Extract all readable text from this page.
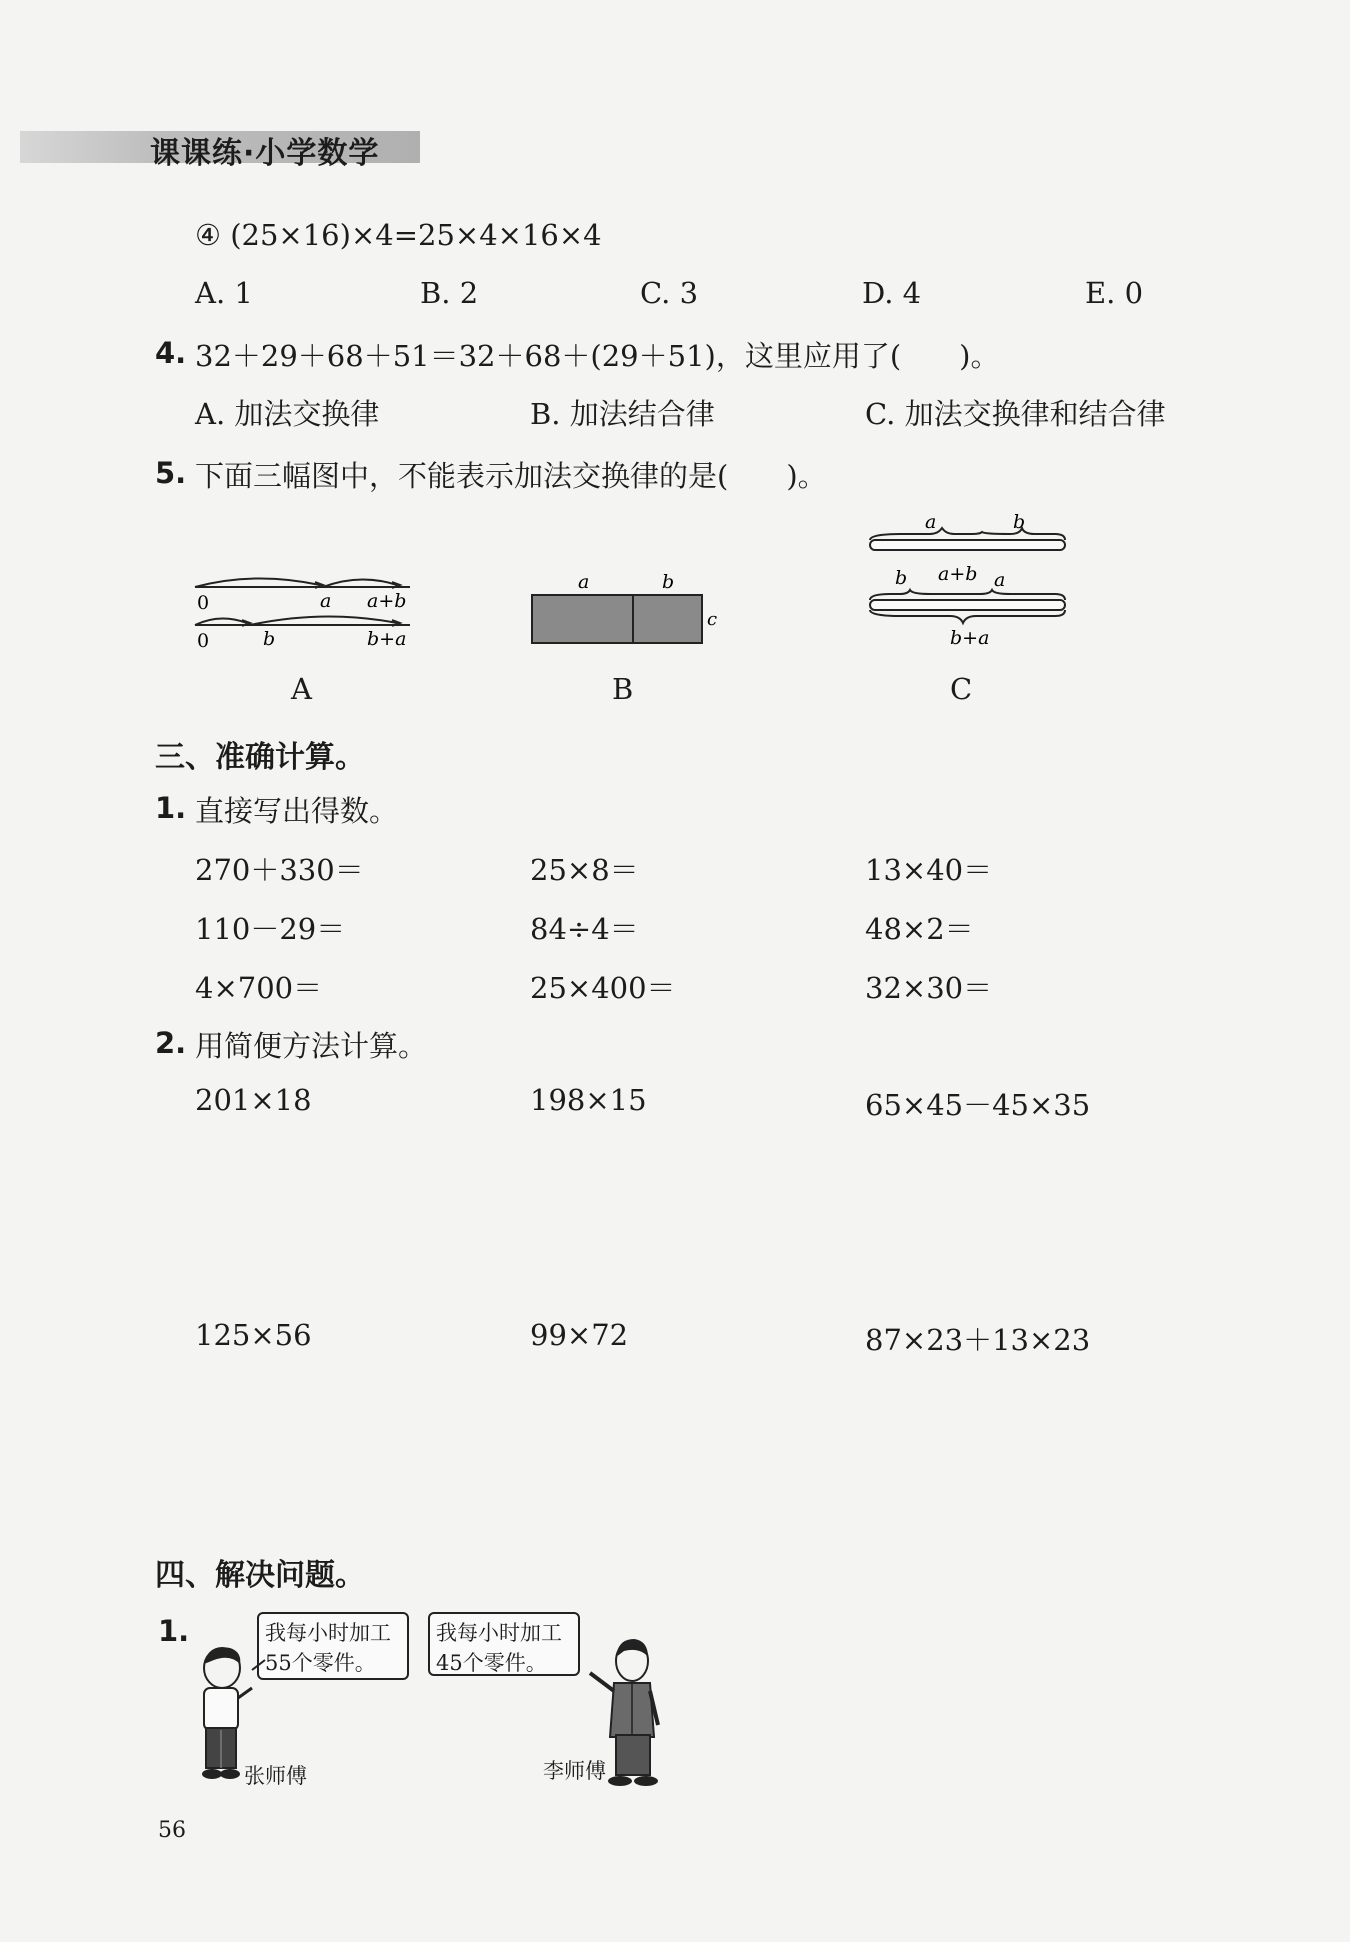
课课练·小学数学
④ (25×16)×4=25×4×16×4
A. 1	B. 2	C. 3	D. 4	E. 0
4. 32＋29＋68＋51＝32＋68＋(29＋51)，这里应用了(　　)。
A. 加法交换律	B. 加法结合律	C. 加法交换律和结合律
5. 下面三幅图中，不能表示加法交换律的是(　　)。
0	a a+b
0	b	b+a
A
a	b
c
B
a	b
b a+b a
b+a
C
三、准确计算。
1. 直接写出得数。
270＋330＝	25×8＝	13×40＝
110－29＝	84÷4＝	48×2＝
4×700＝	25×400＝	32×30＝
2. 用简便方法计算。
201×18	198×15	65×45－45×35
125×56	99×72	87×23＋13×23
四、解决问题。
1.	我每小时加工
55个零件。
我每小时加工
45个零件。
张师傅	李师傅
56
